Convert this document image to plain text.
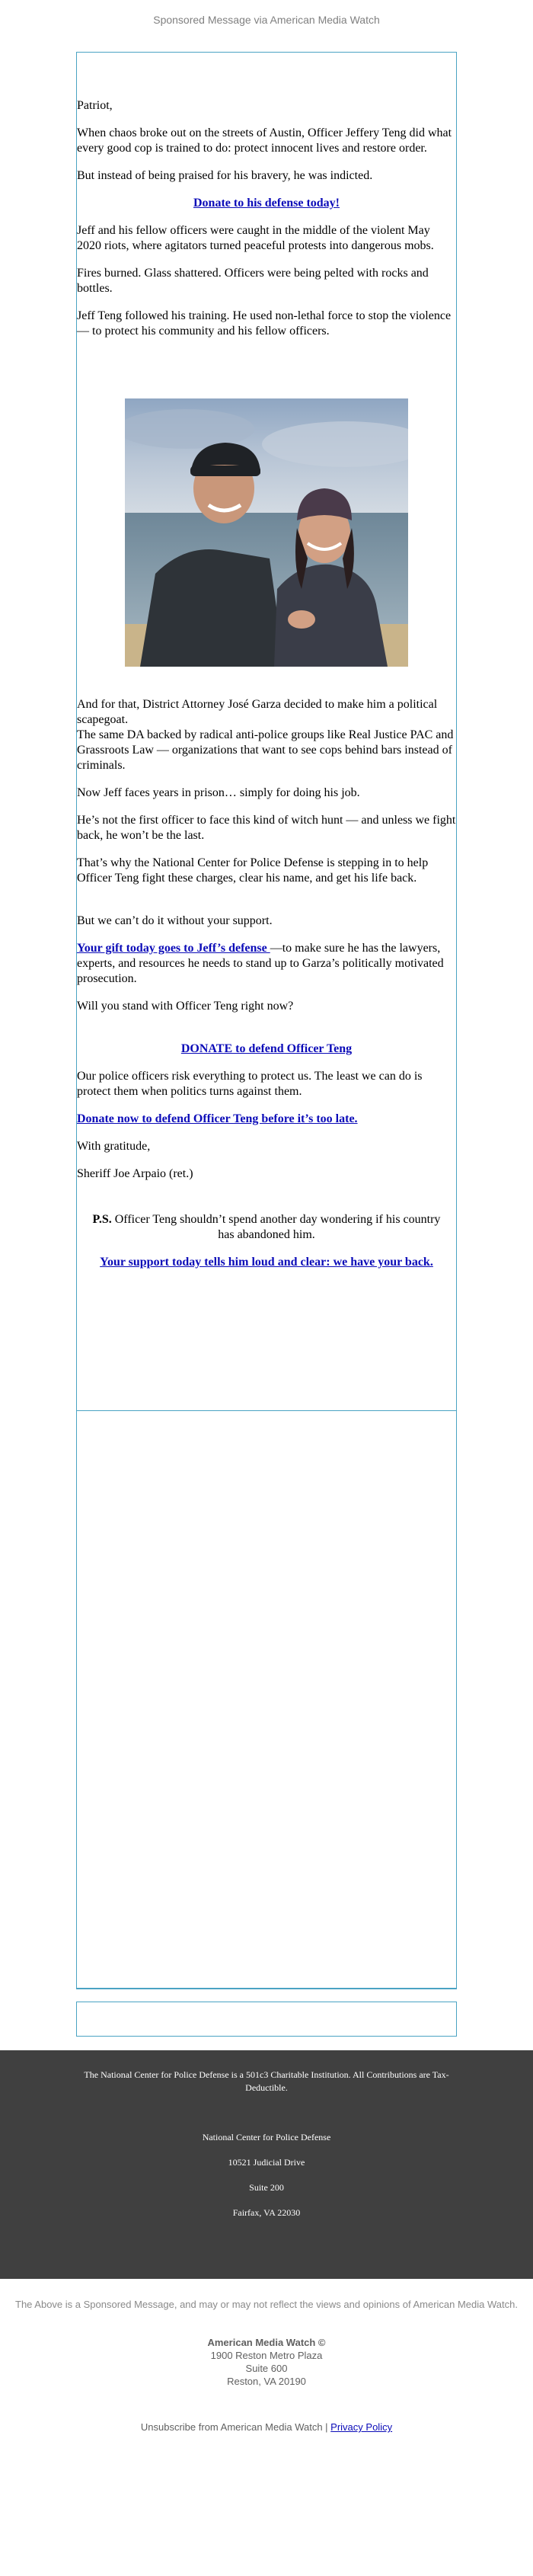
Sponsored Message via American Media Watch

Patriot,

When chaos broke out on the streets of Austin, Officer Jeffery Teng did what every good cop is trained to do: protect innocent lives and restore order.

But instead of being praised for his bravery, he was indicted.

Donate to his defense today!

Jeff and his fellow officers were caught in the middle of the violent May 2020 riots, where agitators turned peaceful protests into dangerous mobs.

Fires burned. Glass shattered. Officers were being pelted with rocks and bottles.

Jeff Teng followed his training. He used non-lethal force to stop the violence — to protect his community and his fellow officers.

And for that, District Attorney José Garza decided to make him a political scapegoat.

The same DA backed by radical anti-police groups like Real Justice PAC and Grassroots Law — organizations that want to see cops behind bars instead of criminals.

Now Jeff faces years in prison… simply for doing his job.

He’s not the first officer to face this kind of witch hunt — and unless we fight back, he won’t be the last.

That’s why the National Center for Police Defense is stepping in to help Officer Teng fight these charges, clear his name, and get his life back.

But we can’t do it without your support.

Your gift today goes to Jeff’s defense —to make sure he has the lawyers, experts, and resources he needs to stand up to Garza’s politically motivated prosecution.

Will you stand with Officer Teng right now?

DONATE to defend Officer Teng

Our police officers risk everything to protect us. The least we can do is protect them when politics turns against them.

Donate now to defend Officer Teng before it’s too late.

With gratitude,

Sheriff Joe Arpaio (ret.)

P.S. Officer Teng shouldn’t spend another day wondering if his country has abandoned him.

Your support today tells him loud and clear: we have your back.

The National Center for Police Defense is a 501c3 Charitable Institution. All Contributions are Tax-Deductible.
National Center for Police Defense
10521 Judicial Drive
Suite 200
Fairfax, VA 22030
The Above is a Sponsored Message, and may or may not reflect the views and opinions of American Media Watch.
American Media Watch ©
1900 Reston Metro Plaza
Suite 600
Reston, VA 20190
Unsubscribe from American Media Watch | Privacy Policy
